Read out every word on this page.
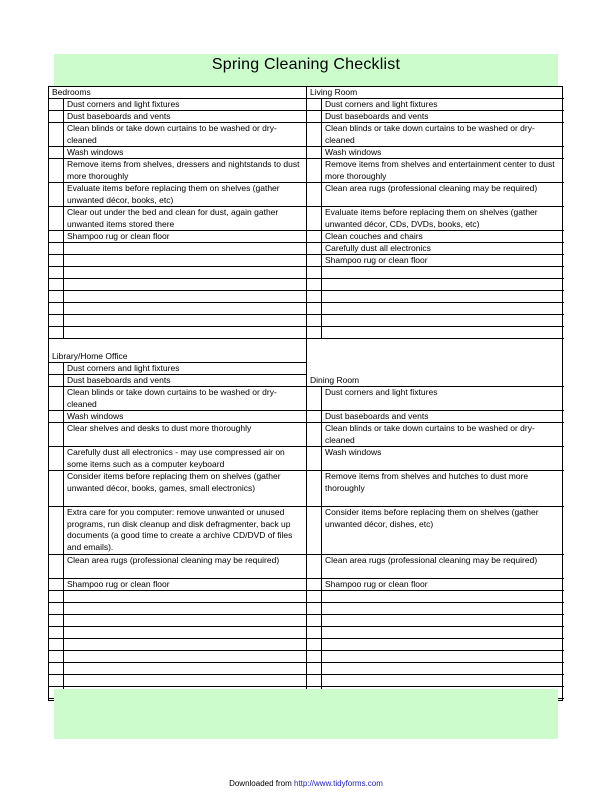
Spring Cleaning Checklist
Bedrooms
Dust corners and light fixtures
Dust baseboards and vents
Clean blinds or take down curtains to be washed or dry-cleaned
Wash windows
Remove items from shelves, dressers and nightstands to dust more thoroughly
Evaluate items before replacing them on shelves (gather unwanted décor, books, etc)
Clear out under the bed and clean for dust, again gather unwanted items stored there
Shampoo rug or clean floor
Library/Home Office
Dust corners and light fixtures
Dust baseboards and vents
Clean blinds or take down curtains to be washed or dry-cleaned
Wash windows
Clear shelves and desks to dust more thoroughly
Carefully dust all electronics - may use compressed air on some items such as a computer keyboard
Consider items before replacing them on shelves (gather unwanted décor, books, games, small electronics)
Extra care for you computer: remove unwanted or unused programs, run disk cleanup and disk defragmenter, back up documents (a good time to create a archive CD/DVD of files and emails).
Clean area rugs (professional cleaning may be required)
Shampoo rug or clean floor
Living Room
Dust corners and light fixtures
Dust baseboards and vents
Clean blinds or take down curtains to be washed or dry-cleaned
Wash windows
Remove items from shelves and entertainment center to dust more thoroughly
Clean area rugs (professional cleaning may be required)
Evaluate items before replacing them on shelves (gather unwanted décor, CDs, DVDs, books, etc)
Clean couches and chairs
Carefully dust all electronics
Shampoo rug or clean floor
Dining Room
Dust corners and light fixtures
Dust baseboards and vents
Clean blinds or take down curtains to be washed or dry-cleaned
Wash windows
Remove items from shelves and hutches to dust more thoroughly
Consider items before replacing them on shelves (gather unwanted décor, dishes, etc)
Clean area rugs (professional cleaning may be required)
Shampoo rug or clean floor
Downloaded from http://www.tidyforms.com
